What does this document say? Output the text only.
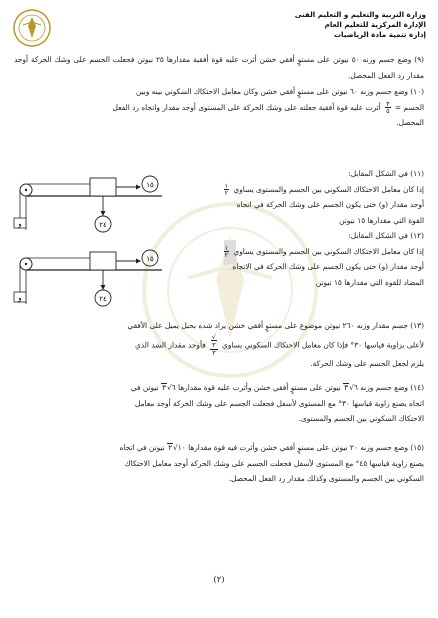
وزارة التربية والتعليم و التعليم الفنى
الإدارة المركزية للتعليم العام
إدارة تنمية مادة الرياضيات

(٩) وضع جسم وزنه ٥٠ نيوتن على مستوٍ أفقي خشن أثرت عليه قوة أفقية مقدارها ٢٥ نيوتن فجعلت الجسم على وشك الحركة أوجد مقدار رد الفعل المحصل.

(١٠) وضع جسم وزنه ٦٠ نيوتن على مستوٍ أفقي خشن وكان معامل الاحتكاك السكوني بينه وبين

الجسم =
$\frac{٣}{٥}$
أثرت عليه قوة أفقية جعلته على وشك الحركة على المستوى أوجد مقدار واتجاه رد الفعل

المحصل.

(١١) في الشكل المقابل:

إذا كان معامل الاحتكاك السكوني بين الجسم والمستوى يساوي
$\frac{١}{٢}$

أوجد مقدار (و) حتى يكون الجسم على وشك الحركة في اتجاه

القوة التي مقدارها ١٥ نيوتن

و
١٥
٢٤

(١٢) في الشكل المقابل:

إذا كان معامل الاحتكاك السكوني بين الجسم والمستوى يساوي
$\frac{١}{٢}$

أوجد مقدار (و) حتى يكون الجسم على وشك الحركة في الاتجاه

المضاد للقوة التي مقدارها ١٥ نيوتن

و
١٥
٢٤

(١٣) جسم مقدار وزنه ٢٦٠ نيوتن موضوع على مستوٍ أفقي خشن يراد شده بحبل يميل على الأفقي

لأعلى بزاوية قياسها ٣٠° فإذا كان معامل الاحتكاك السكوني يساوي
√
٣
٣
فأوجد مقدار الشد الذي

يلزم لجعل الجسم على وشك الحركة.

(١٤) وضع جسم وزنه ٦√٣ نيوتن على مستوٍ أفقي خشن وأثرت عليه قوة مقدارها ٦√٣ نيوتن في

اتجاه يصنع زاوية قياسها ٣٠° مع المستوى لأسفل فجعلت الجسم على وشك الحركة أوجد معامل

الاحتكاك السكوني بين الجسم والمستوى.

(١٥) وضع جسم وزنه ٢٠ نيوتن على مستوٍ أفقي خشن وأثرت فيه قوة مقدارها ١٠√٢ نيوتن في اتجاه

يصنع زاوية قياسها ٤٥° مع المستوى لأسفل فجعلت الجسم على وشك الحركة أوجد معامل الاحتكاك

السكوني بين الجسم والمستوى وكذلك مقدار رد الفعل المحصل.

(٢)
